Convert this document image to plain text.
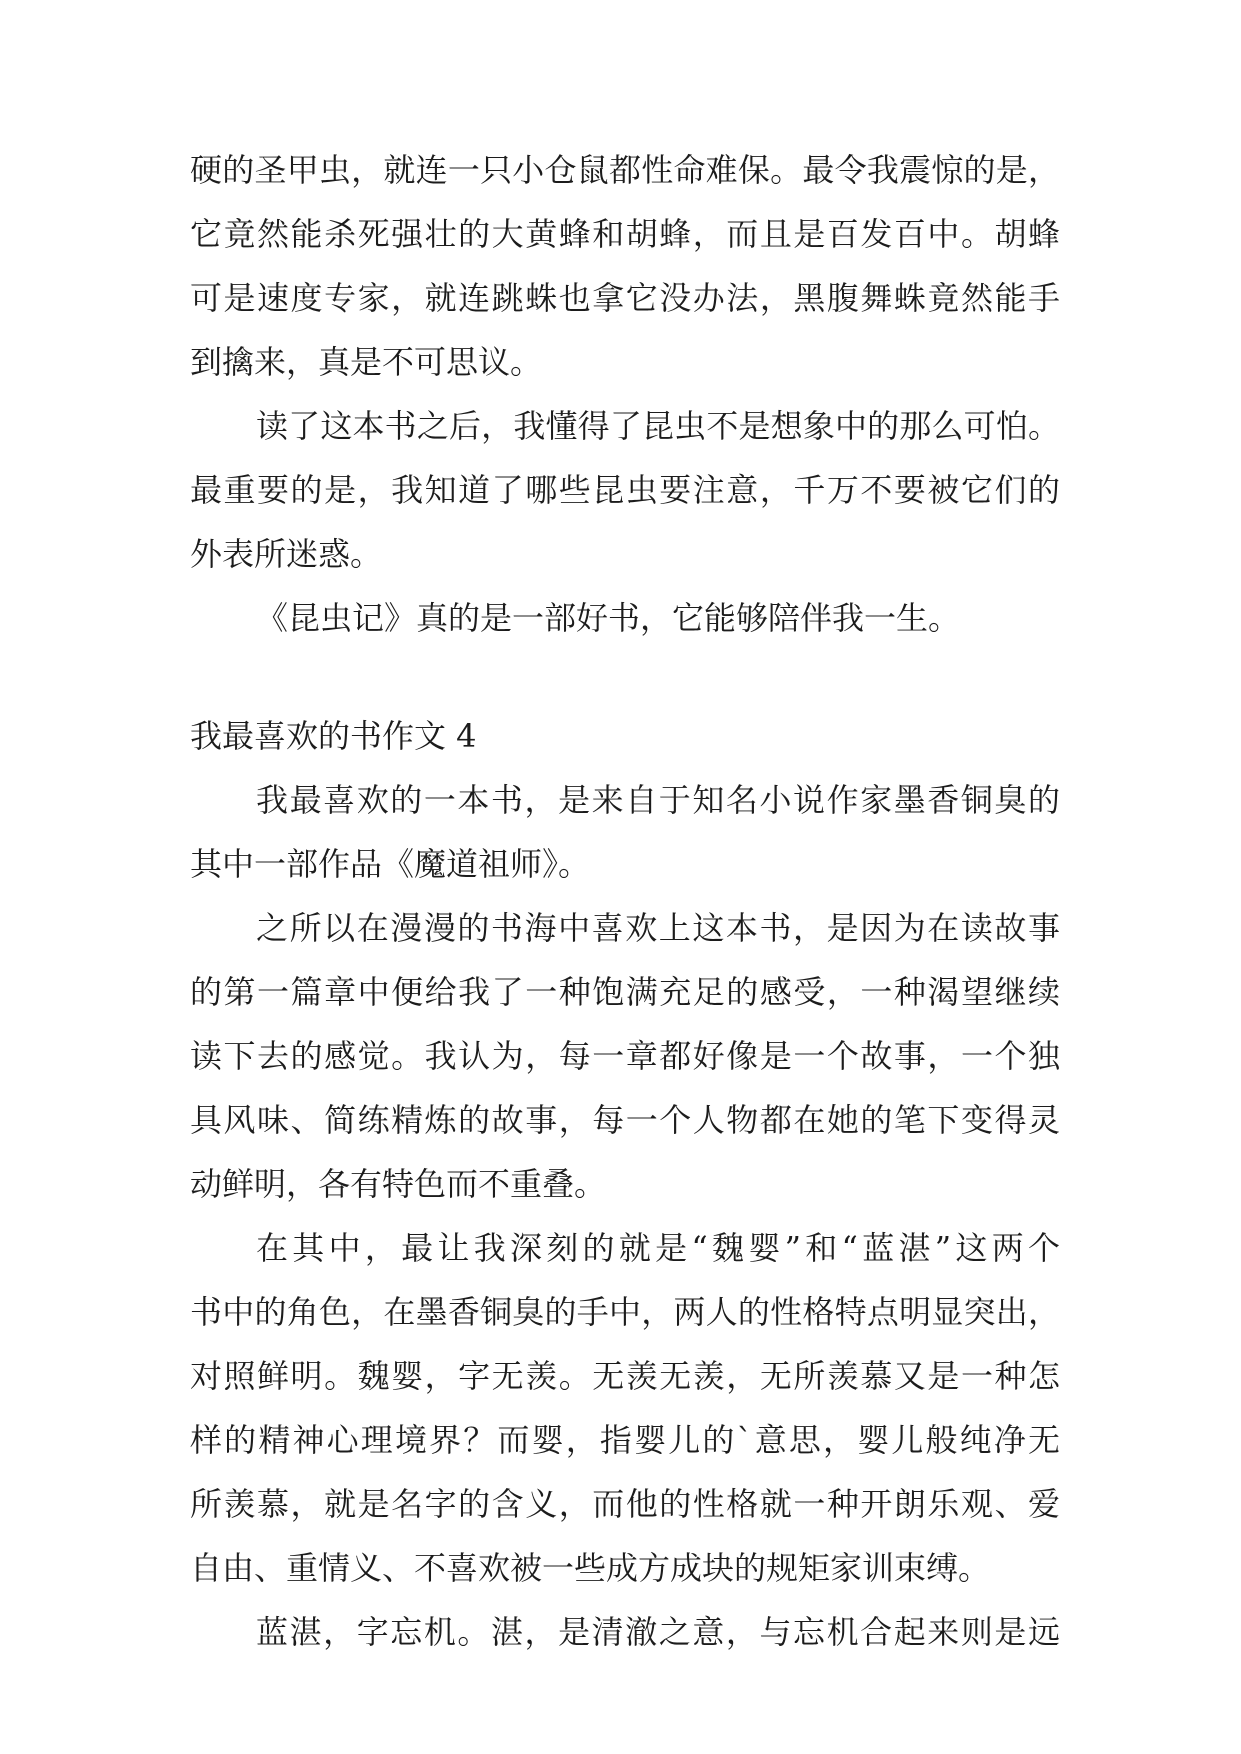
硬的圣甲虫，就连一只小仓鼠都性命难保。最令我震惊的是，

它竟然能杀死强壮的大黄蜂和胡蜂，而且是百发百中。胡蜂

可是速度专家，就连跳蛛也拿它没办法，黑腹舞蛛竟然能手

到擒来，真是不可思议。

读了这本书之后，我懂得了昆虫不是想象中的那么可怕。

最重要的是，我知道了哪些昆虫要注意，千万不要被它们的

外表所迷惑。

《昆虫记》真的是一部好书，它能够陪伴我一生。

我最喜欢的书作文 4

我最喜欢的一本书，是来自于知名小说作家墨香铜臭的

其中一部作品《魔道祖师》。

之所以在漫漫的书海中喜欢上这本书，是因为在读故事

的第一篇章中便给我了一种饱满充足的感受，一种渴望继续

读下去的感觉。我认为，每一章都好像是一个故事，一个独

具风味、简练精炼的故事，每一个人物都在她的笔下变得灵

动鲜明，各有特色而不重叠。

在其中，最让我深刻的就是“魏婴”和“蓝湛”这两个

书中的角色，在墨香铜臭的手中，两人的性格特点明显突出，

对照鲜明。魏婴，字无羡。无羡无羡，无所羡慕又是一种怎

样的精神心理境界？而婴，指婴儿的`意思，婴儿般纯净无

所羡慕，就是名字的含义，而他的性格就一种开朗乐观、爱

自由、重情义、不喜欢被一些成方成块的规矩家训束缚。

蓝湛，字忘机。湛，是清澈之意，与忘机合起来则是远
